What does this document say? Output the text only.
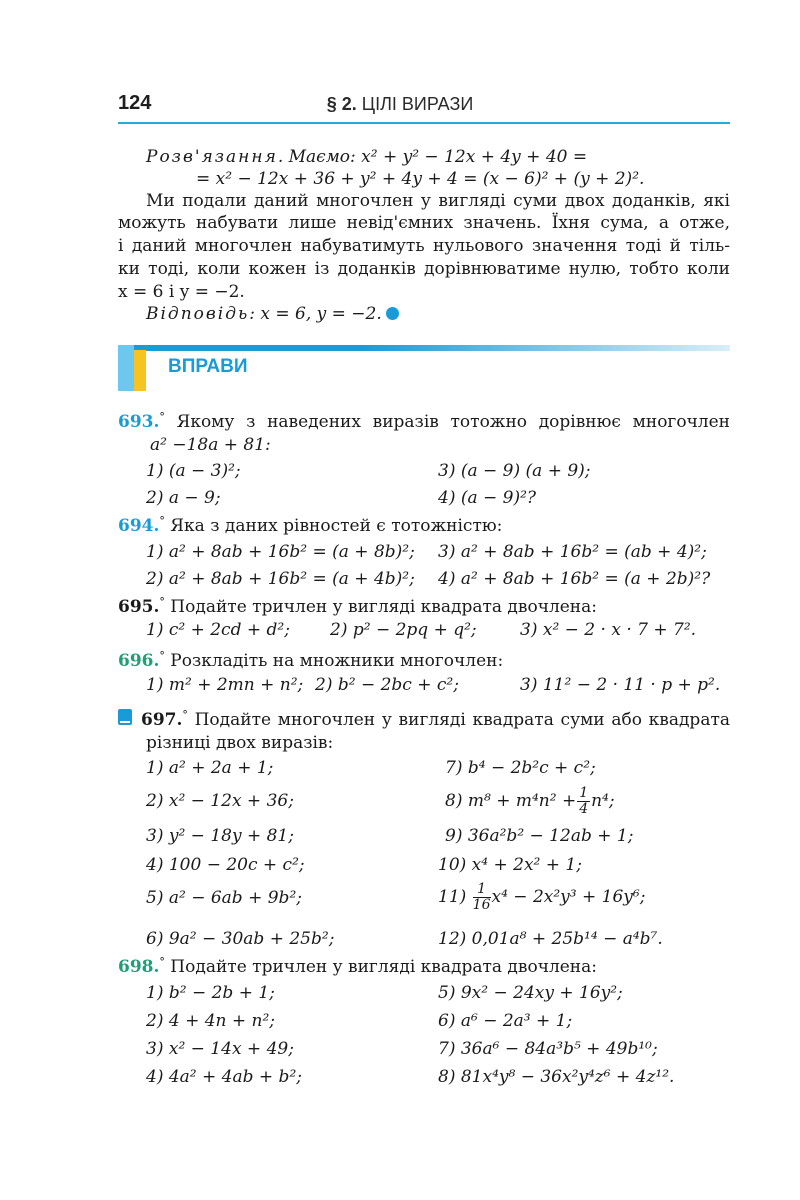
124	§ 2. ЦІЛІ ВИРАЗИ
Розв'язання. Маємо: x² + y² − 12x + 4y + 40 =
= x² − 12x + 36 + y² + 4y + 4 = (x − 6)² + (y + 2)².
Ми подали даний многочлен у вигляді суми двох доданків, які
можуть набувати лише невід'ємних значень. Їхня сума, а отже,
і даний многочлен набуватимуть нульового значення тоді й тіль-
ки тоді, коли кожен із доданків дорівнюватиме нулю, тобто коли
x = 6 і y = −2.
Відповідь: x = 6, y = −2.
ВПРАВИ
693.° Якому з наведених виразів тотожно дорівнює многочлен
a² −18a + 81:
1) (a − 3)²;	3) (a − 9) (a + 9);
2) a − 9;	4) (a − 9)²?
694.° Яка з даних рівностей є тотожністю:
1) a² + 8ab + 16b² = (a + 8b)²; 3) a² + 8ab + 16b² = (ab + 4)²;
2) a² + 8ab + 16b² = (a + 4b)²; 4) a² + 8ab + 16b² = (a + 2b)²?
695.° Подайте тричлен у вигляді квадрата двочлена:
1) c² + 2cd + d²; 2) p² − 2pq + q²;	3) x² − 2 · x · 7 + 7².
696.° Розкладіть на множники многочлен:
1) m² + 2mn + n²; 2) b² − 2bc + c²;	3) 11² − 2 · 11 · p + p².
697.° Подайте многочлен у вигляді квадрата суми або квадрата
різниці двох виразів:
1) a² + 2a + 1;	7) b⁴ − 2b²c + c²;
2) x² − 12x + 36;	8) $m^8 + m^4n^2 + \frac{1}{4} n^4$;
3) y² − 18y + 81;	9) 36a²b² − 12ab + 1;
4) 100 − 20c + c²;	10) x⁴ + 2x² + 1;
5) a² − 6ab + 9b²;	$11) \frac{1}{16} x^4 - 2x^2y^3 + 16y^6$;
6) 9a² − 30ab + 25b²;	12) 0,01a⁸ + 25b¹⁴ − a⁴b⁷.
698.° Подайте тричлен у вигляді квадрата двочлена:
1) b² − 2b + 1;	5) 9x² − 24xy + 16y²;
2) 4 + 4n + n²;	6) a⁶ − 2a³ + 1;
3) x² − 14x + 49;	7) 36a⁶ − 84a³b⁵ + 49b¹⁰;
4) 4a² + 4ab + b²;	8) 81x⁴y⁸ − 36x²y⁴z⁶ + 4z¹².
